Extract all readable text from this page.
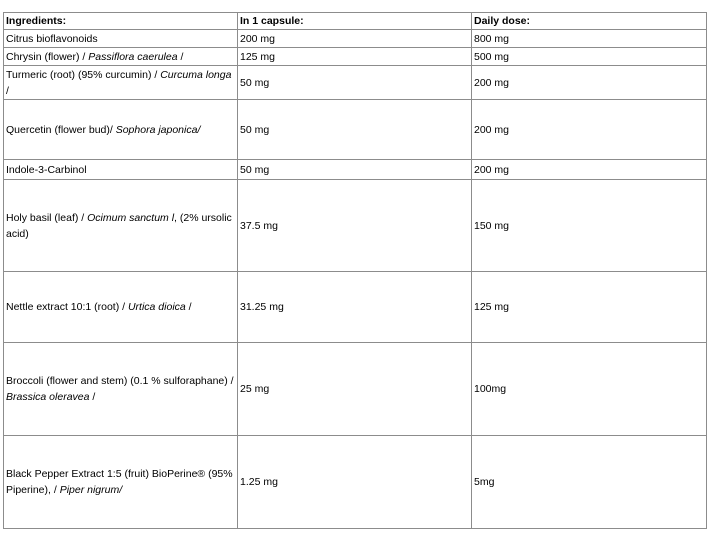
Ingredients:	In 1 capsule:	Daily dose:
Citrus bioflavonoids	200 mg	800 mg
Chrysin (flower) / Passiflora caerulea /	125 mg	500 mg
Turmeric (root) (95% curcumin) / Curcuma longa /	50 mg	200 mg
Quercetin (flower bud)/ Sophora japonica/	50 mg	200 mg
Indole-3-Carbinol	50 mg	200 mg
Holy basil (leaf) / Ocimum sanctum l, (2% ursolic acid)	37.5 mg	150 mg
Nettle extract 10:1 (root) / Urtica dioica /	31.25 mg	125 mg
Broccoli (flower and stem) (0.1 % sulforaphane) / Brassica oleravea /	25 mg	100mg
Black Pepper Extract 1:5 (fruit) BioPerine® (95% Piperine), / Piper nigrum/	1.25 mg	5mg
